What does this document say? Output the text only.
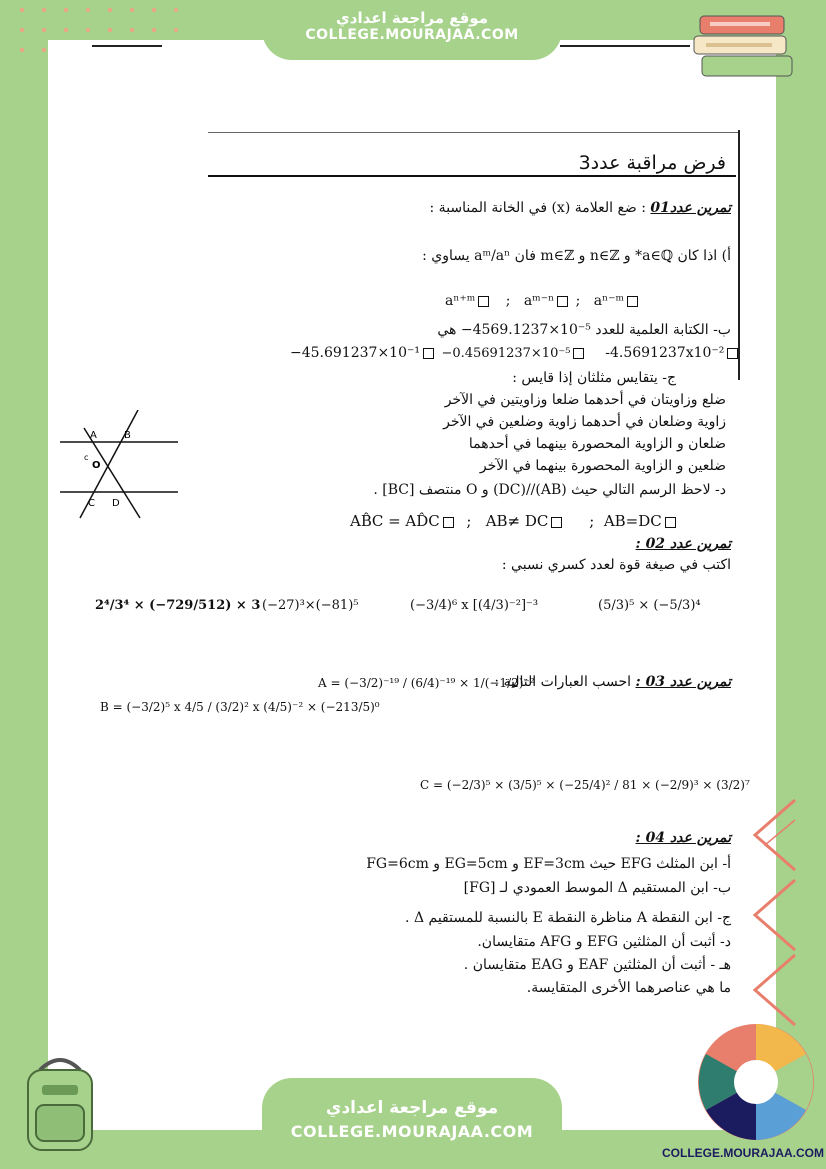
موقع مراجعة اعدادي
COLLEGE.MOURAJAA.COM
فرض مراقبة عدد3
تمرين عدد01 : ضع العلامة (x) في الخانة المناسبة :
أ) اذا كان a∈ℚ* و n∈ℤ و m∈ℤ فان aᵐ/aⁿ يساوي :
aⁿ⁺ᵐ   ;   aᵐ⁻ⁿ ;   aⁿ⁻ᵐ
ب- الكتابة العلمية للعدد ‎−4569.1237×10⁻⁵‎ هي
−45.691237×10⁻¹ −0.45691237×10⁻⁵ -4.5691237x10⁻²
ج- يتقايس مثلثان إذا قايس :
ضلع وزاويتان في أحدهما ضلعا وزاويتين في الآخر
زاوية وضلعان في أحدهما زاوية وضلعين في الآخر
ضلعان و الزاوية المحصورة بينهما في أحدهما
ضلعين و الزاوية المحصورة بينهما في الآخر
A	B
O
C D
c
د- لاحظ الرسم التالي حيث (AB)//(DC) و O منتصف [BC] .
AB̂C = AD̂C  ;   AB≠ DC     ;  AB=DC
تمرين عدد 02 :
اكتب في صيغة قوة لعدد كسري نسبي :
(5/3)⁵ × (−5/3)⁴
(−3/4)⁶ x [(4/3)⁻²]⁻³
(−27)³×(−81)⁵
2⁴/3⁴ × (−729/512) × 3
تمرين عدد 03 : احسب العبارات التالية :
A = (−3/2)⁻¹⁹ / (6/4)⁻¹⁹ × 1/(−1/2)⁻²
B = (−3/2)⁵ x 4/5 / (3/2)² x (4/5)⁻² × (−213/5)⁰
C = (−2/3)⁵ × (3/5)⁵ × (−25/4)² / 81 × (−2/9)³ × (3/2)⁷
تمرين عدد 04 :
أ- ابن المثلث EFG حيث EF=3cm و EG=5cm و FG=6cm
ب- ابن المستقيم Δ الموسط العمودي لـ [FG]
ج- ابن النقطة A مناظرة النقطة E بالنسبة للمستقيم Δ .
د- أثبت أن المثلثين EFG و AFG متقايسان.
هـ - أثبت أن المثلثين EAF و EAG متقايسان .
ما هي عناصرهما الأخرى المتقايسة.
موقع مراجعة اعدادي
COLLEGE.MOURAJAA.COM
COLLEGE.MOURAJAA.COM
